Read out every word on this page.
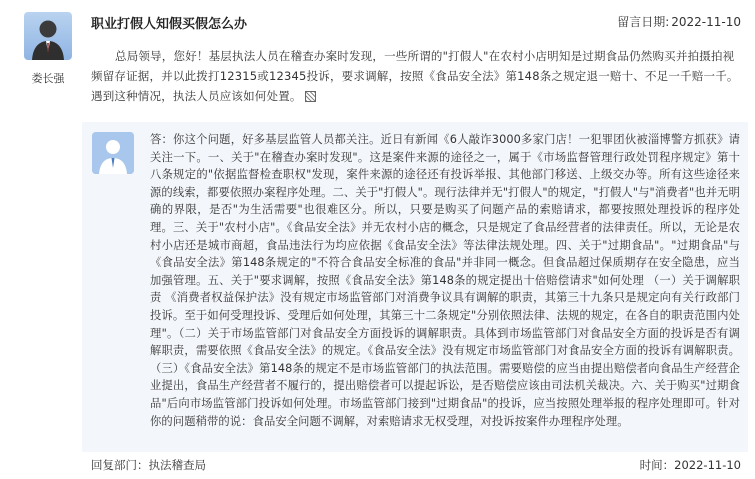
娄长强
职业打假人知假买假怎么办	留言日期: 2022-11-10
总局领导，您好！基层执法人员在稽查办案时发现，一些所谓的"打假人"在农村小店明知是过期食品仍然购买并拍摄拍视频留存证据，并以此拨打12315或12345投诉，要求调解，按照《食品安全法》第148条之规定退一赔十、不足一千赔一千。遇到这种情况，执法人员应该如何处置。
答：你这个问题，好多基层监管人员都关注。近日有新闻《6人敲诈3000多家门店！一犯罪团伙被淄博警方抓获》请关注一下。一、关于"在稽查办案时发现"。这是案件来源的途径之一，属于《市场监督管理行政处罚程序规定》第十八条规定的"依据监督检查职权"发现，案件来源的途径还有投诉举报、其他部门移送、上级交办等。所有这些途径来源的线索，都要依照办案程序处理。二、关于"打假人"。现行法律并无"打假人"的规定，"打假人"与"消费者"也并无明确的界限，是否"为生活需要"也很难区分。所以，只要是购买了问题产品的索赔请求，都要按照处理投诉的程序处理。三、关于"农村小店"。《食品安全法》并无农村小店的概念，只是规定了食品经营者的法律责任。所以，无论是农村小店还是城市商超，食品违法行为均应依据《食品安全法》等法律法规处理。四、关于"过期食品"。"过期食品"与《食品安全法》第148条规定的"不符合食品安全标准的食品"并非同一概念。但食品超过保质期存在安全隐患，应当加强管理。五、关于"要求调解，按照《食品安全法》第148条的规定提出十倍赔偿请求"如何处理 （一）关于调解职责 《消费者权益保护法》没有规定市场监管部门对消费争议具有调解的职责，其第三十九条只是规定向有关行政部门投诉。至于如何受理投诉、受理后如何处理，其第三十二条规定"分别依照法律、法规的规定，在各自的职责范围内处理"。（二）关于市场监管部门对食品安全方面投诉的调解职责。具体到市场监管部门对食品安全方面的投诉是否有调解职责，需要依照《食品安全法》的规定。《食品安全法》没有规定市场监管部门对食品安全方面的投诉有调解职责。（三）《食品安全法》第148条的规定不是市场监管部门的执法范围。需要赔偿的应当由提出赔偿者向食品生产经营企业提出，食品生产经营者不履行的，提出赔偿者可以提起诉讼，是否赔偿应该由司法机关裁决。六、关于购买"过期食品"后向市场监管部门投诉如何处理。市场监管部门接到"过期食品"的投诉，应当按照处理举报的程序处理即可。针对你的问题稍带的说：食品安全问题不调解，对索赔请求无权受理，对投诉按案件办理程序处理。
回复部门：执法稽查局	时间：2022-11-10
